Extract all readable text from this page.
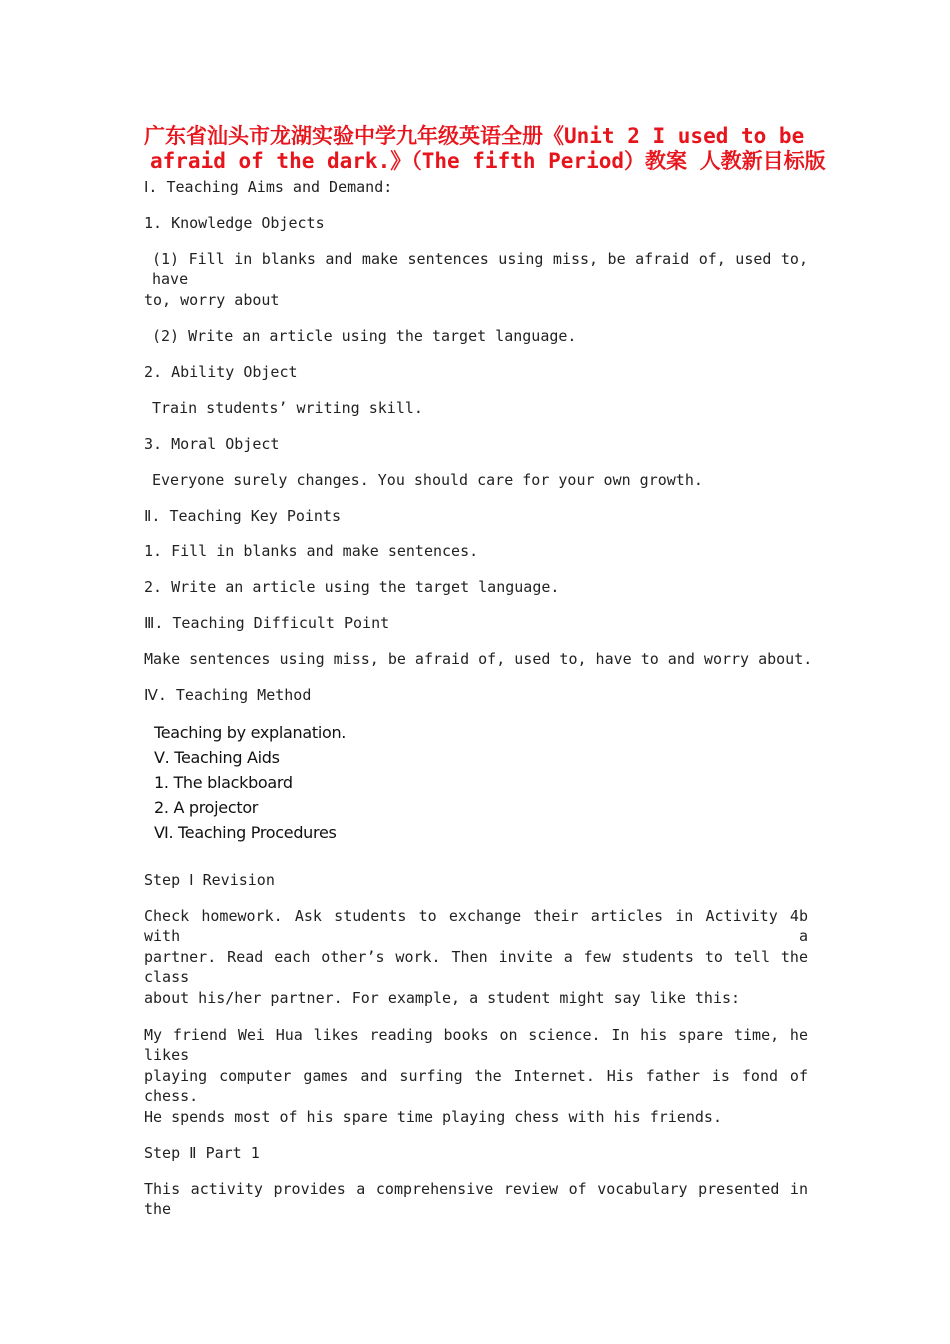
广东省汕头市龙湖实验中学九年级英语全册《Unit 2 I used to be
afraid of the dark.》（The fifth Period）教案 人教新目标版
Ⅰ. Teaching Aims and Demand:
1. Knowledge Objects
(1) Fill in blanks and make sentences using miss, be afraid of, used to, have
to, worry about
(2) Write an article using the target language.
2. Ability Object
Train students’ writing skill.
3. Moral Object
Everyone surely changes. You should care for your own growth.
Ⅱ. Teaching Key Points
1. Fill in blanks and make sentences.
2. Write an article using the target language.
Ⅲ. Teaching Difficult Point
Make sentences using miss, be afraid of, used to, have to and worry about.
Ⅳ. Teaching Method
Teaching by explanation.
Ⅴ. Teaching Aids
1. The blackboard
2. A projector
Ⅵ. Teaching Procedures
Step Ⅰ Revision
Check homework. Ask students to exchange their articles in Activity 4b with a
partner. Read each other’s work. Then invite a few students to tell the class
about his/her partner. For example, a student might say like this:
My friend Wei Hua likes reading books on science. In his spare time, he likes
playing computer games and surfing the Internet. His father is fond of chess.
He spends most of his spare time playing chess with his friends.
Step Ⅱ Part 1
This activity provides a comprehensive review of vocabulary presented in the
